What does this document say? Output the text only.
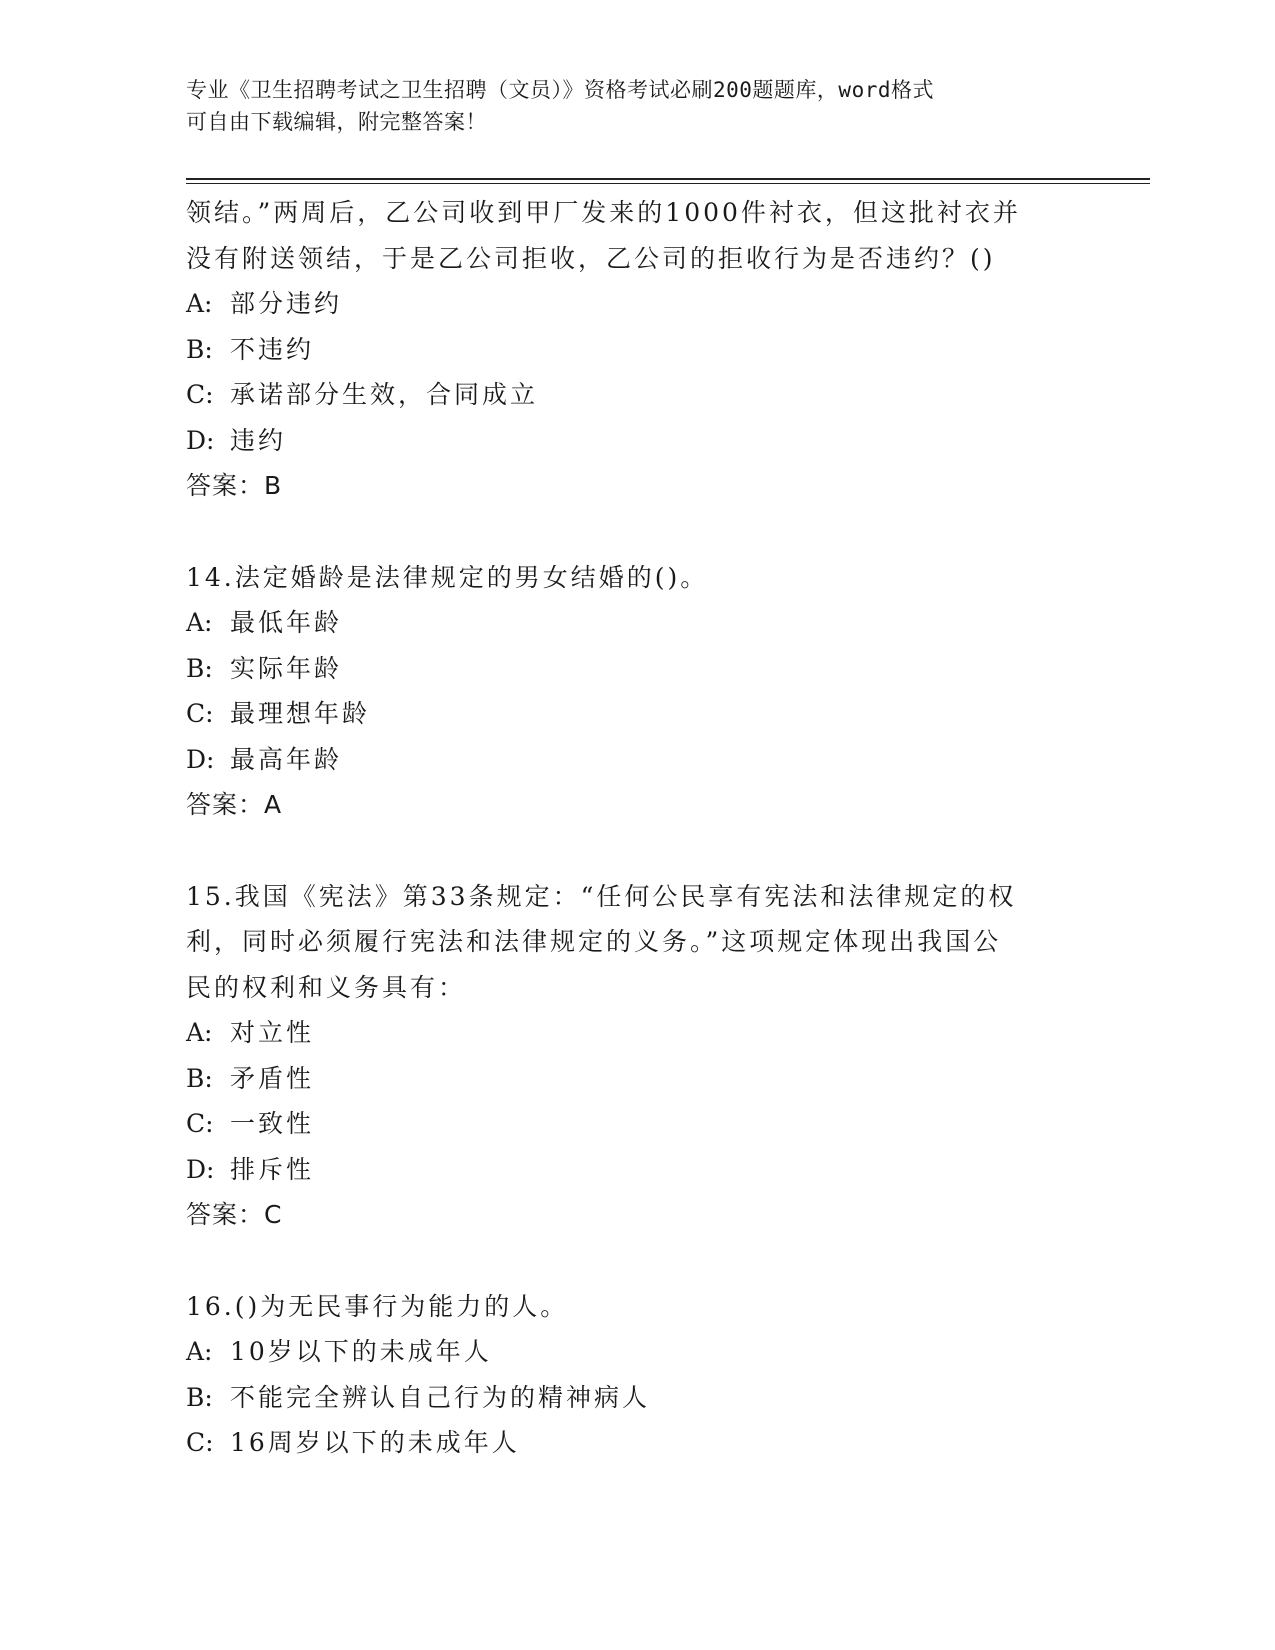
专业《卫生招聘考试之卫生招聘（文员）》资格考试必刷200题题库，word格式
可自由下载编辑，附完整答案！
领结。”两周后，乙公司收到甲厂发来的1000件衬衣，但这批衬衣并
没有附送领结，于是乙公司拒收，乙公司的拒收行为是否违约？()
A: 部分违约
B: 不违约
C: 承诺部分生效，合同成立
D: 违约
答案：B
14.法定婚龄是法律规定的男女结婚的()。
A: 最低年龄
B: 实际年龄
C: 最理想年龄
D: 最高年龄
答案：A
15.我国《宪法》第33条规定：“任何公民享有宪法和法律规定的权
利，同时必须履行宪法和法律规定的义务。”这项规定体现出我国公
民的权利和义务具有：
A: 对立性
B: 矛盾性
C: 一致性
D: 排斥性
答案：C
16.()为无民事行为能力的人。
A: 10岁以下的未成年人
B: 不能完全辨认自己行为的精神病人
C: 16周岁以下的未成年人
